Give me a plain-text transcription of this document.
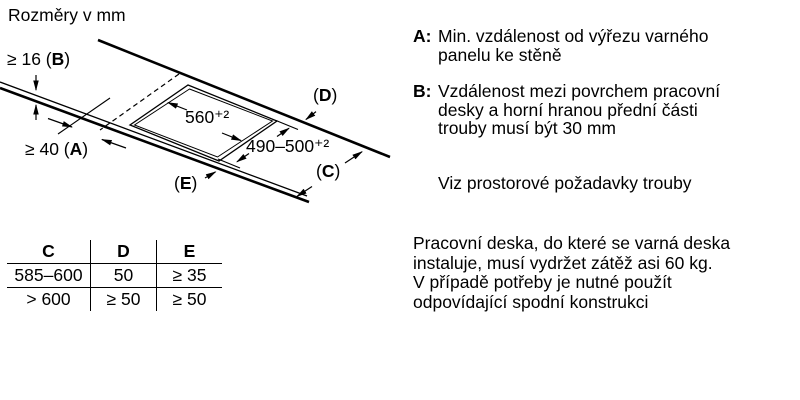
Rozměry v mm
≥ 16 (B)
≥ 40 (A)
560⁺²
490–500⁺²
(D)
(E)
(C)
A: Min. vzdálenost od výřezu varného
panelu ke stěně
B: Vzdálenost mezi povrchem pracovní
desky a horní hranou přední části
trouby musí být 30 mm
Viz prostorové požadavky trouby
Pracovní deska, do které se varná deska
instaluje, musí vydržet zátěž asi 60 kg.
V případě potřeby je nutné použít
odpovídající spodní konstrukci
C	D	E
585–600	50	≥ 35
> 600	≥ 50	≥ 50
